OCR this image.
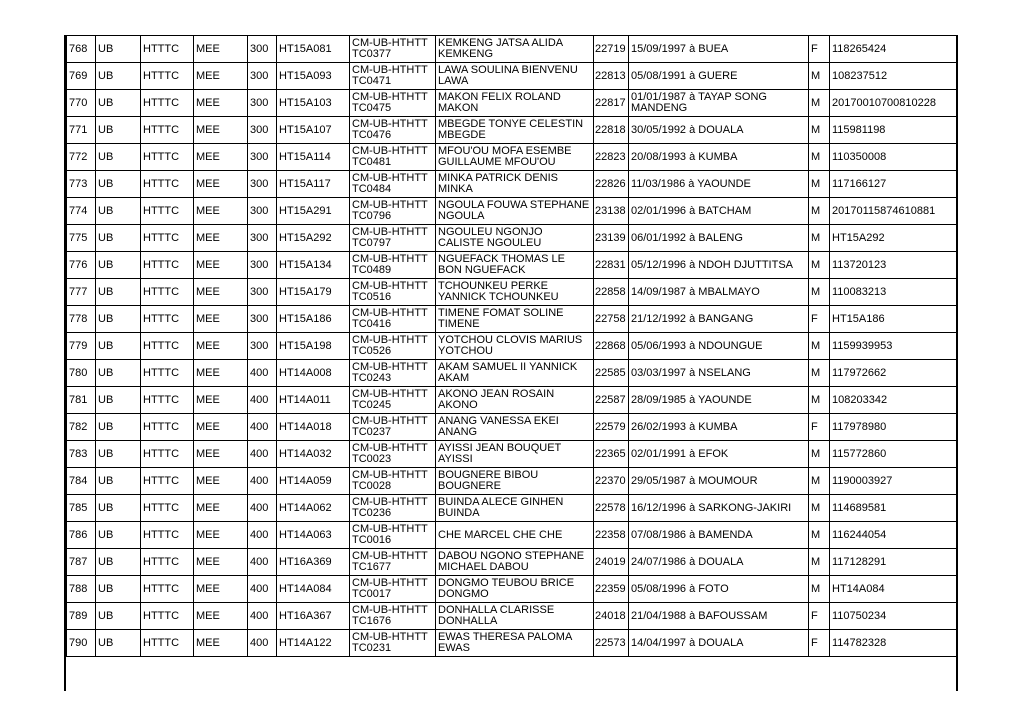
768	UB	HTTTC	MEE	300	HT15A081	CM-UB-HTHTTTC0377	KEMKENG JATSA ALIDA KEMKENG	22719	15/09/1997 à BUEA	F	118265424
769	UB	HTTTC	MEE	300	HT15A093	CM-UB-HTHTTTC0471	LAWA SOULINA BIENVENU LAWA	22813	05/08/1991 à GUERE	M	108237512
770	UB	HTTTC	MEE	300	HT15A103	CM-UB-HTHTTTC0475	MAKON FELIX ROLAND MAKON	22817	01/01/1987 à TAYAP SONG MANDENG	M	20170010700810228
771	UB	HTTTC	MEE	300	HT15A107	CM-UB-HTHTTTC0476	MBEGDE TONYE CELESTIN MBEGDE	22818	30/05/1992 à DOUALA	M	115981198
772	UB	HTTTC	MEE	300	HT15A114	CM-UB-HTHTTTC0481	MFOU'OU MOFA ESEMBE GUILLAUME MFOU'OU	22823	20/08/1993 à KUMBA	M	110350008
773	UB	HTTTC	MEE	300	HT15A117	CM-UB-HTHTTTC0484	MINKA PATRICK DENIS MINKA	22826	11/03/1986 à YAOUNDE	M	117166127
774	UB	HTTTC	MEE	300	HT15A291	CM-UB-HTHTTTC0796	NGOULA FOUWA STEPHANE NGOULA	23138	02/01/1996 à BATCHAM	M	20170115874610881
775	UB	HTTTC	MEE	300	HT15A292	CM-UB-HTHTTTC0797	NGOULEU NGONJO CALISTE NGOULEU	23139	06/01/1992 à BALENG	M	HT15A292
776	UB	HTTTC	MEE	300	HT15A134	CM-UB-HTHTTTC0489	NGUEFACK THOMAS LE BON NGUEFACK	22831	05/12/1996 à NDOH DJUTTITSA	M	113720123
777	UB	HTTTC	MEE	300	HT15A179	CM-UB-HTHTTTC0516	TCHOUNKEU PERKE YANNICK TCHOUNKEU	22858	14/09/1987 à MBALMAYO	M	110083213
778	UB	HTTTC	MEE	300	HT15A186	CM-UB-HTHTTTC0416	TIMENE FOMAT SOLINE TIMENE	22758	21/12/1992 à BANGANG	F	HT15A186
779	UB	HTTTC	MEE	300	HT15A198	CM-UB-HTHTTTC0526	YOTCHOU CLOVIS MARIUS YOTCHOU	22868	05/06/1993 à NDOUNGUE	M	1159939953
780	UB	HTTTC	MEE	400	HT14A008	CM-UB-HTHTTTC0243	AKAM SAMUEL II YANNICK AKAM	22585	03/03/1997 à NSELANG	M	117972662
781	UB	HTTTC	MEE	400	HT14A011	CM-UB-HTHTTTC0245	AKONO JEAN ROSAIN AKONO	22587	28/09/1985 à YAOUNDE	M	108203342
782	UB	HTTTC	MEE	400	HT14A018	CM-UB-HTHTTTC0237	ANANG VANESSA EKEI ANANG	22579	26/02/1993 à KUMBA	F	117978980
783	UB	HTTTC	MEE	400	HT14A032	CM-UB-HTHTTTC0023	AYISSI JEAN BOUQUET AYISSI	22365	02/01/1991 à EFOK	M	115772860
784	UB	HTTTC	MEE	400	HT14A059	CM-UB-HTHTTTC0028	BOUGNERE BIBOU BOUGNERE	22370	29/05/1987 à MOUMOUR	M	1190003927
785	UB	HTTTC	MEE	400	HT14A062	CM-UB-HTHTTTC0236	BUINDA ALECE GINHEN BUINDA	22578	16/12/1996 à SARKONG-JAKIRI	M	114689581
786	UB	HTTTC	MEE	400	HT14A063	CM-UB-HTHTTTC0016	CHE MARCEL CHE CHE	22358	07/08/1986 à BAMENDA	M	116244054
787	UB	HTTTC	MEE	400	HT16A369	CM-UB-HTHTTTC1677	DABOU NGONO STEPHANE MICHAEL DABOU	24019	24/07/1986 à DOUALA	M	117128291
788	UB	HTTTC	MEE	400	HT14A084	CM-UB-HTHTTTC0017	DONGMO TEUBOU BRICE DONGMO	22359	05/08/1996 à FOTO	M	HT14A084
789	UB	HTTTC	MEE	400	HT16A367	CM-UB-HTHTTTC1676	DONHALLA CLARISSE DONHALLA	24018	21/04/1988 à BAFOUSSAM	F	110750234
790	UB	HTTTC	MEE	400	HT14A122	CM-UB-HTHTTTC0231	EWAS THERESA PALOMA EWAS	22573	14/04/1997 à DOUALA	F	114782328
